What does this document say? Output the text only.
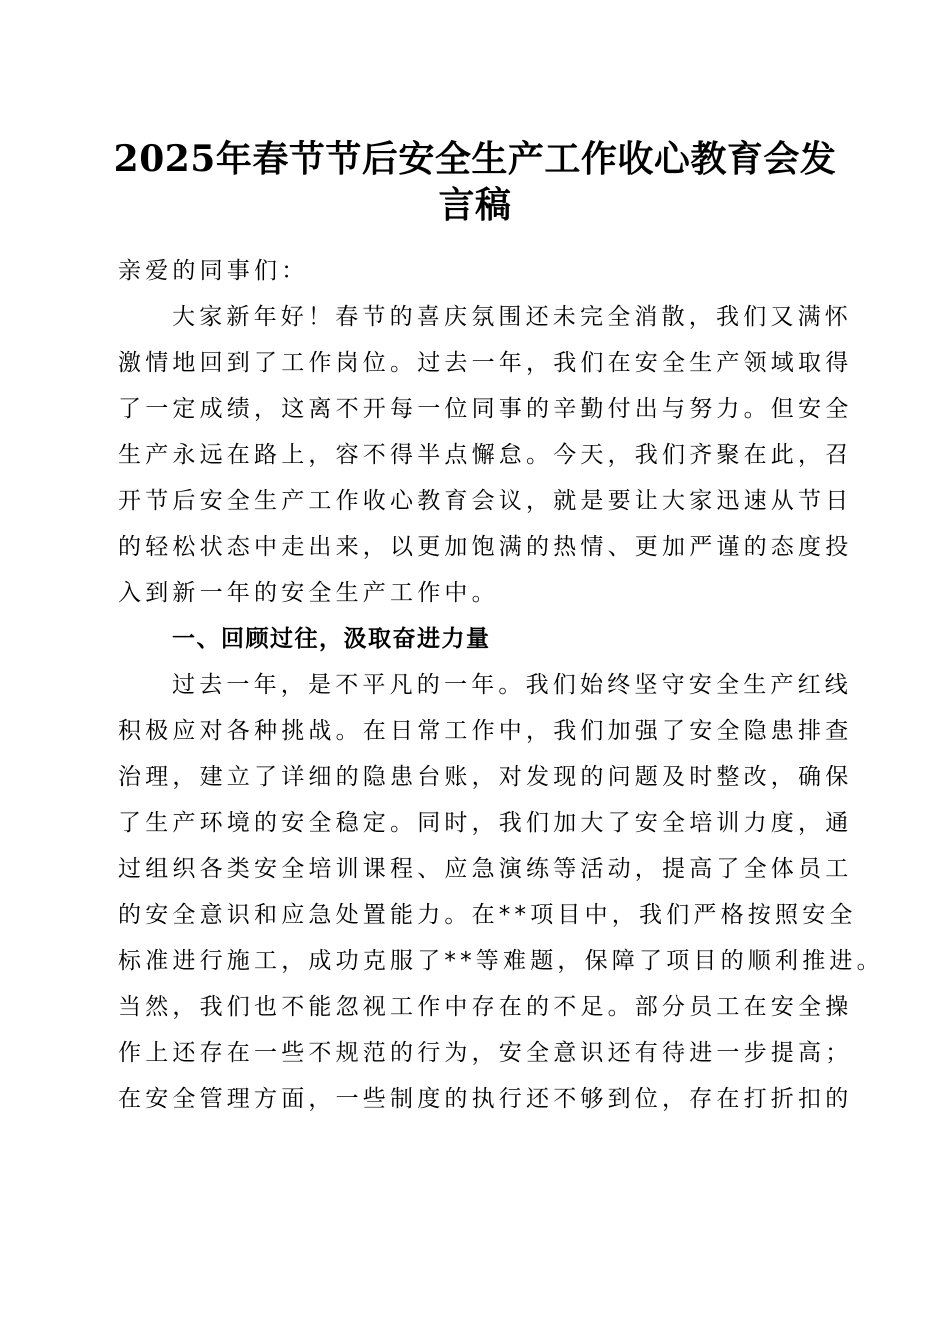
2025年春节节后安全生产工作收心教育会发
言稿

亲爱的同事们：

大家新年好！春节的喜庆氛围还未完全消散，我们又满怀
激情地回到了工作岗位。过去一年，我们在安全生产领域取得
了一定成绩，这离不开每一位同事的辛勤付出与努力。但安全
生产永远在路上，容不得半点懈怠。今天，我们齐聚在此，召
开节后安全生产工作收心教育会议，就是要让大家迅速从节日
的轻松状态中走出来，以更加饱满的热情、更加严谨的态度投
入到新一年的安全生产工作中。

一、回顾过往，汲取奋进力量

过去一年，是不平凡的一年。我们始终坚守安全生产红线
积极应对各种挑战。在日常工作中，我们加强了安全隐患排查
治理，建立了详细的隐患台账，对发现的问题及时整改，确保
了生产环境的安全稳定。同时，我们加大了安全培训力度，通
过组织各类安全培训课程、应急演练等活动，提高了全体员工
的安全意识和应急处置能力。在**项目中，我们严格按照安全
标准进行施工，成功克服了**等难题，保障了项目的顺利推进。
当然，我们也不能忽视工作中存在的不足。部分员工在安全操
作上还存在一些不规范的行为，安全意识还有待进一步提高；
在安全管理方面，一些制度的执行还不够到位，存在打折扣的
